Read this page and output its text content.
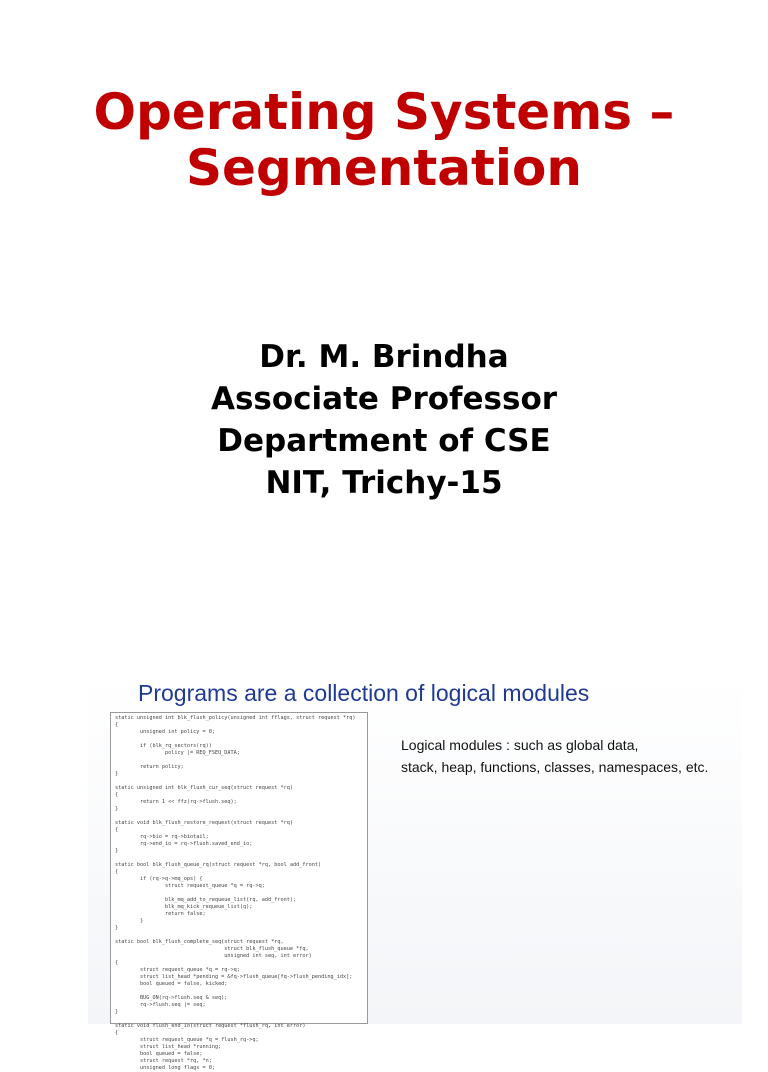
Operating Systems –
Segmentation
Dr. M. Brindha
Associate Professor
Department of CSE
NIT, Trichy-15
Programs are a collection of logical modules
static unsigned int blk_flush_policy(unsigned int fflags, struct request *rq)
{
unsigned int policy = 0;
if (blk_rq_sectors(rq))
policy |= REQ_FSEQ_DATA;
return policy;
}
static unsigned int blk_flush_cur_seq(struct request *rq)
{
return 1 << ffz(rq->flush.seq);
}
static void blk_flush_restore_request(struct request *rq)
{
rq->bio = rq->biotail;
rq->end_io = rq->flush.saved_end_io;
}
static bool blk_flush_queue_rq(struct request *rq, bool add_front)
{
if (rq->q->mq_ops) {
struct request_queue *q = rq->q;
blk_mq_add_to_requeue_list(rq, add_front);
blk_mq_kick_requeue_list(q);
return false;
}
}
static bool blk_flush_complete_seq(struct request *rq,
struct blk_flush_queue *fq,
unsigned int seq, int error)
{
struct request_queue *q = rq->q;
struct list_head *pending = &fq->flush_queue[fq->flush_pending_idx];
bool queued = false, kicked;
BUG_ON(rq->flush.seq & seq);
rq->flush.seq |= seq;
}
static void flush_end_io(struct request *flush_rq, int error)
{
struct request_queue *q = flush_rq->q;
struct list_head *running;
bool queued = false;
struct request *rq, *n;
unsigned long flags = 0;
Logical modules : such as global data,
stack, heap, functions, classes, namespaces, etc.
